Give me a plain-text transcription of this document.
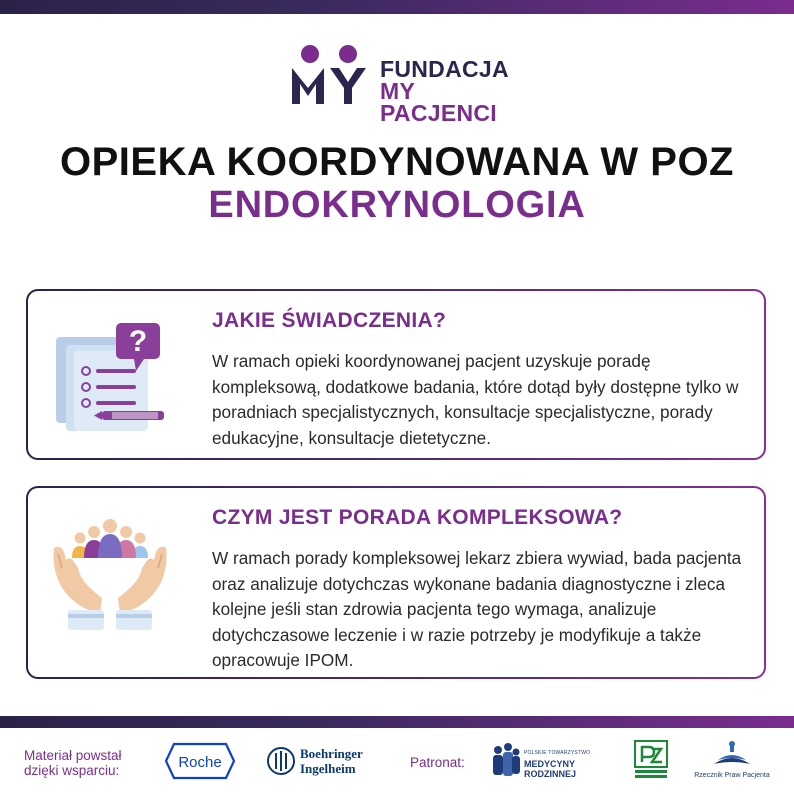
FUNDACJA
MY PACJENCI
OPIEKA KOORDYNOWANA W POZ
ENDOKRYNOLOGIA
?
JAKIE ŚWIADCZENIA?
W ramach opieki koordynowanej pacjent uzyskuje poradę kompleksową, dodatkowe badania, które dotąd były dostępne tylko w poradniach specjalistycznych, konsultacje specjalistyczne, porady edukacyjne, konsultacje dietetyczne.
CZYM JEST PORADA KOMPLEKSOWA?
W ramach porady kompleksowej lekarz zbiera wywiad, bada pacjenta oraz analizuje dotychczas wykonane badania diagnostyczne i zleca kolejne jeśli stan zdrowia pacjenta tego wymaga, analizuje dotychczasowe leczenie i w razie potrzeby je modyfikuje a także opracowuje IPOM.
Materiał powstał
dzięki wsparciu:	Roche
Boehringer
Ingelheim	Patronat:
POLSKIE TOWARZYSTWO
MEDYCYNY RODZINNEJ	Rzecznik Praw Pacjenta
